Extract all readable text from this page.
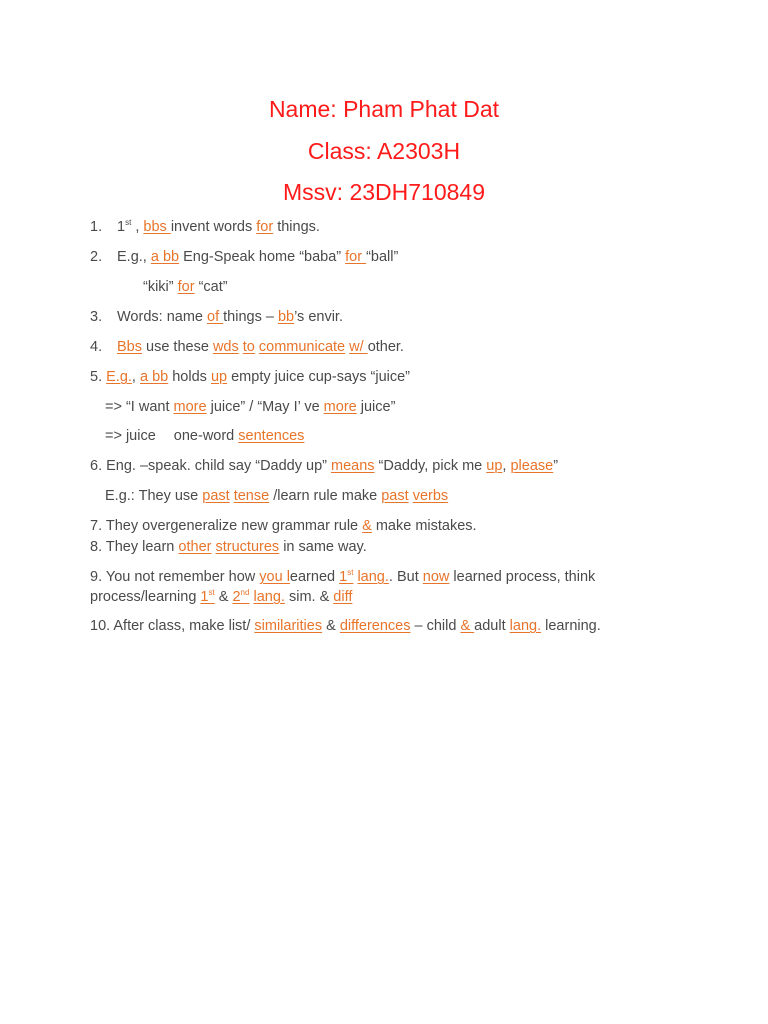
Name: Pham Phat Dat
Class: A2303H
Mssv: 23DH710849
1. 1st , bbs invent words for things.
2. E.g., a bb Eng-Speak home “baba” for “ball”
“kiki” for “cat”
3. Words: name of things – bb’s envir.
4. Bbs use these wds to communicate w/ other.
5. E.g., a bb holds up empty juice cup-says “juice”
=> “I want more juice” / “May I’ ve more juice”
=> juice one-word sentences
6. Eng. –speak. child say “Daddy up” means “Daddy, pick me up, please”
E.g.: They use past tense /learn rule make past verbs
7. They overgeneralize new grammar rule & make mistakes.
8. They learn other structures in same way.
9. You not remember how you learned 1st lang.. But now learned process, think
process/learning 1st & 2nd lang. sim. & diff
10. After class, make list/ similarities & differences – child & adult lang. learning.
